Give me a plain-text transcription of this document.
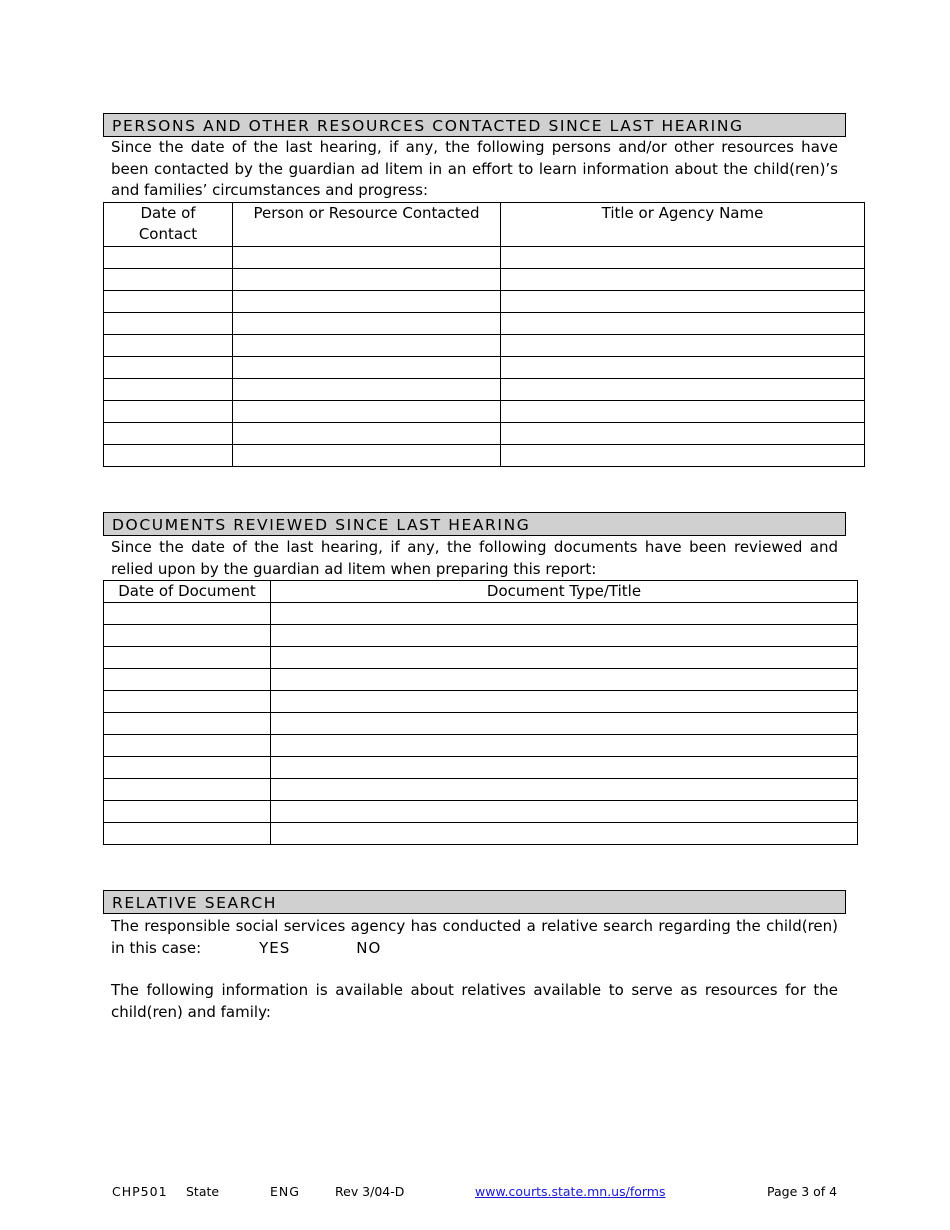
PERSONS AND OTHER RESOURCES CONTACTED SINCE LAST HEARING
Since the date of the last hearing, if any, the following persons and/or other resources have been contacted by the guardian ad litem in an effort to learn information about the child(ren)’s and families’ circumstances and progress:
Date of Contact	Person or Resource Contacted	Title or Agency Name

DOCUMENTS REVIEWED SINCE LAST HEARING
Since the date of the last hearing, if any, the following documents have been reviewed and relied upon by the guardian ad litem when preparing this report:
Date of Document	Document Type/Title

RELATIVE SEARCH
The responsible social services agency has conducted a relative search regarding the child(ren) in this case:	YES	NO
The following information is available about relatives available to serve as resources for the child(ren) and family:
CHP501 State	ENG	Rev 3/04-D	www.courts.state.mn.us/forms	Page 3 of 4
